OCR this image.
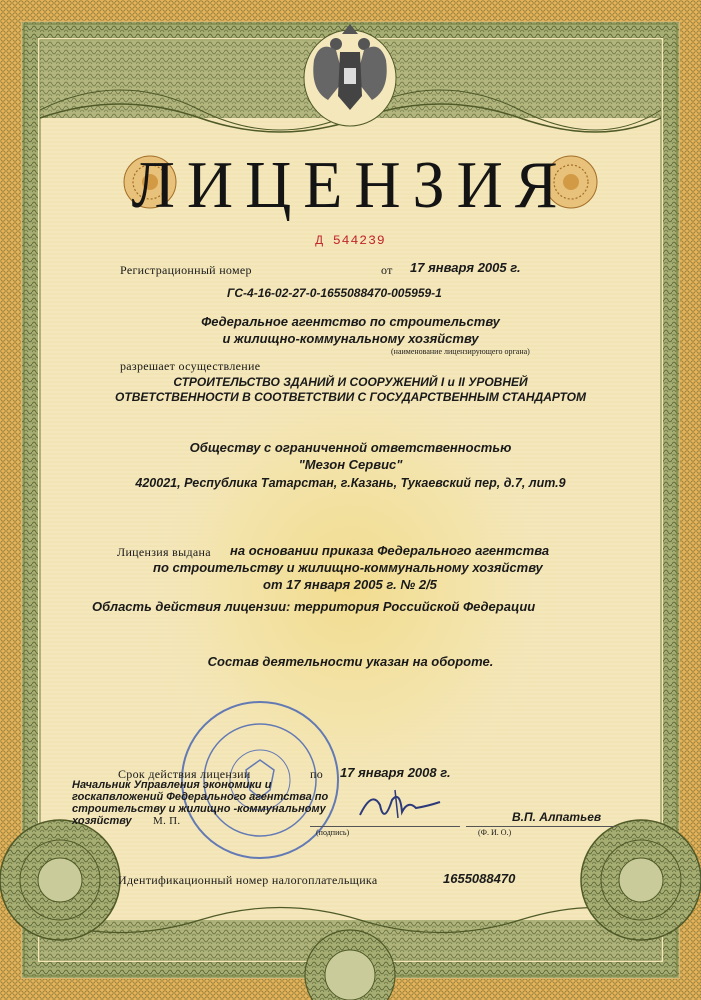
ЛИЦЕНЗИЯ
Д 544239
Регистрационный номер	от 17 января 2005 г.
ГС-4-16-02-27-0-1655088470-005959-1
Федеральное агентство по строительству
и жилищно-коммунальному хозяйству
(наименование лицензирующего органа)
разрешает осуществление
СТРОИТЕЛЬСТВО ЗДАНИЙ И СООРУЖЕНИЙ I и II УРОВНЕЙ
ОТВЕТСТВЕННОСТИ В СООТВЕТСТВИИ С ГОСУДАРСТВЕННЫМ СТАНДАРТОМ
Обществу с ограниченной ответственностью
"Мезон Сервис"
420021, Республика Татарстан, г.Казань, Тукаевский пер, д.7, лит.9
Лицензия выдана на основании приказа Федерального агентства
по строительству и жилищно-коммунальному хозяйству
от 17 января 2005 г. № 2/5
Область действия лицензии: территория Российской Федерации
Состав деятельности указан на обороте.
Срок действия лицензии	по 17 января 2008 г.
Начальник Управления экономики и
госкапвложений Федерального агентства по
строительству и жилищно -коммунальному
хозяйству М. П.
(подпись)
В.П. Алпатьев
(Ф. И. О.)
Идентификационный номер налогоплательщика	1655088470
